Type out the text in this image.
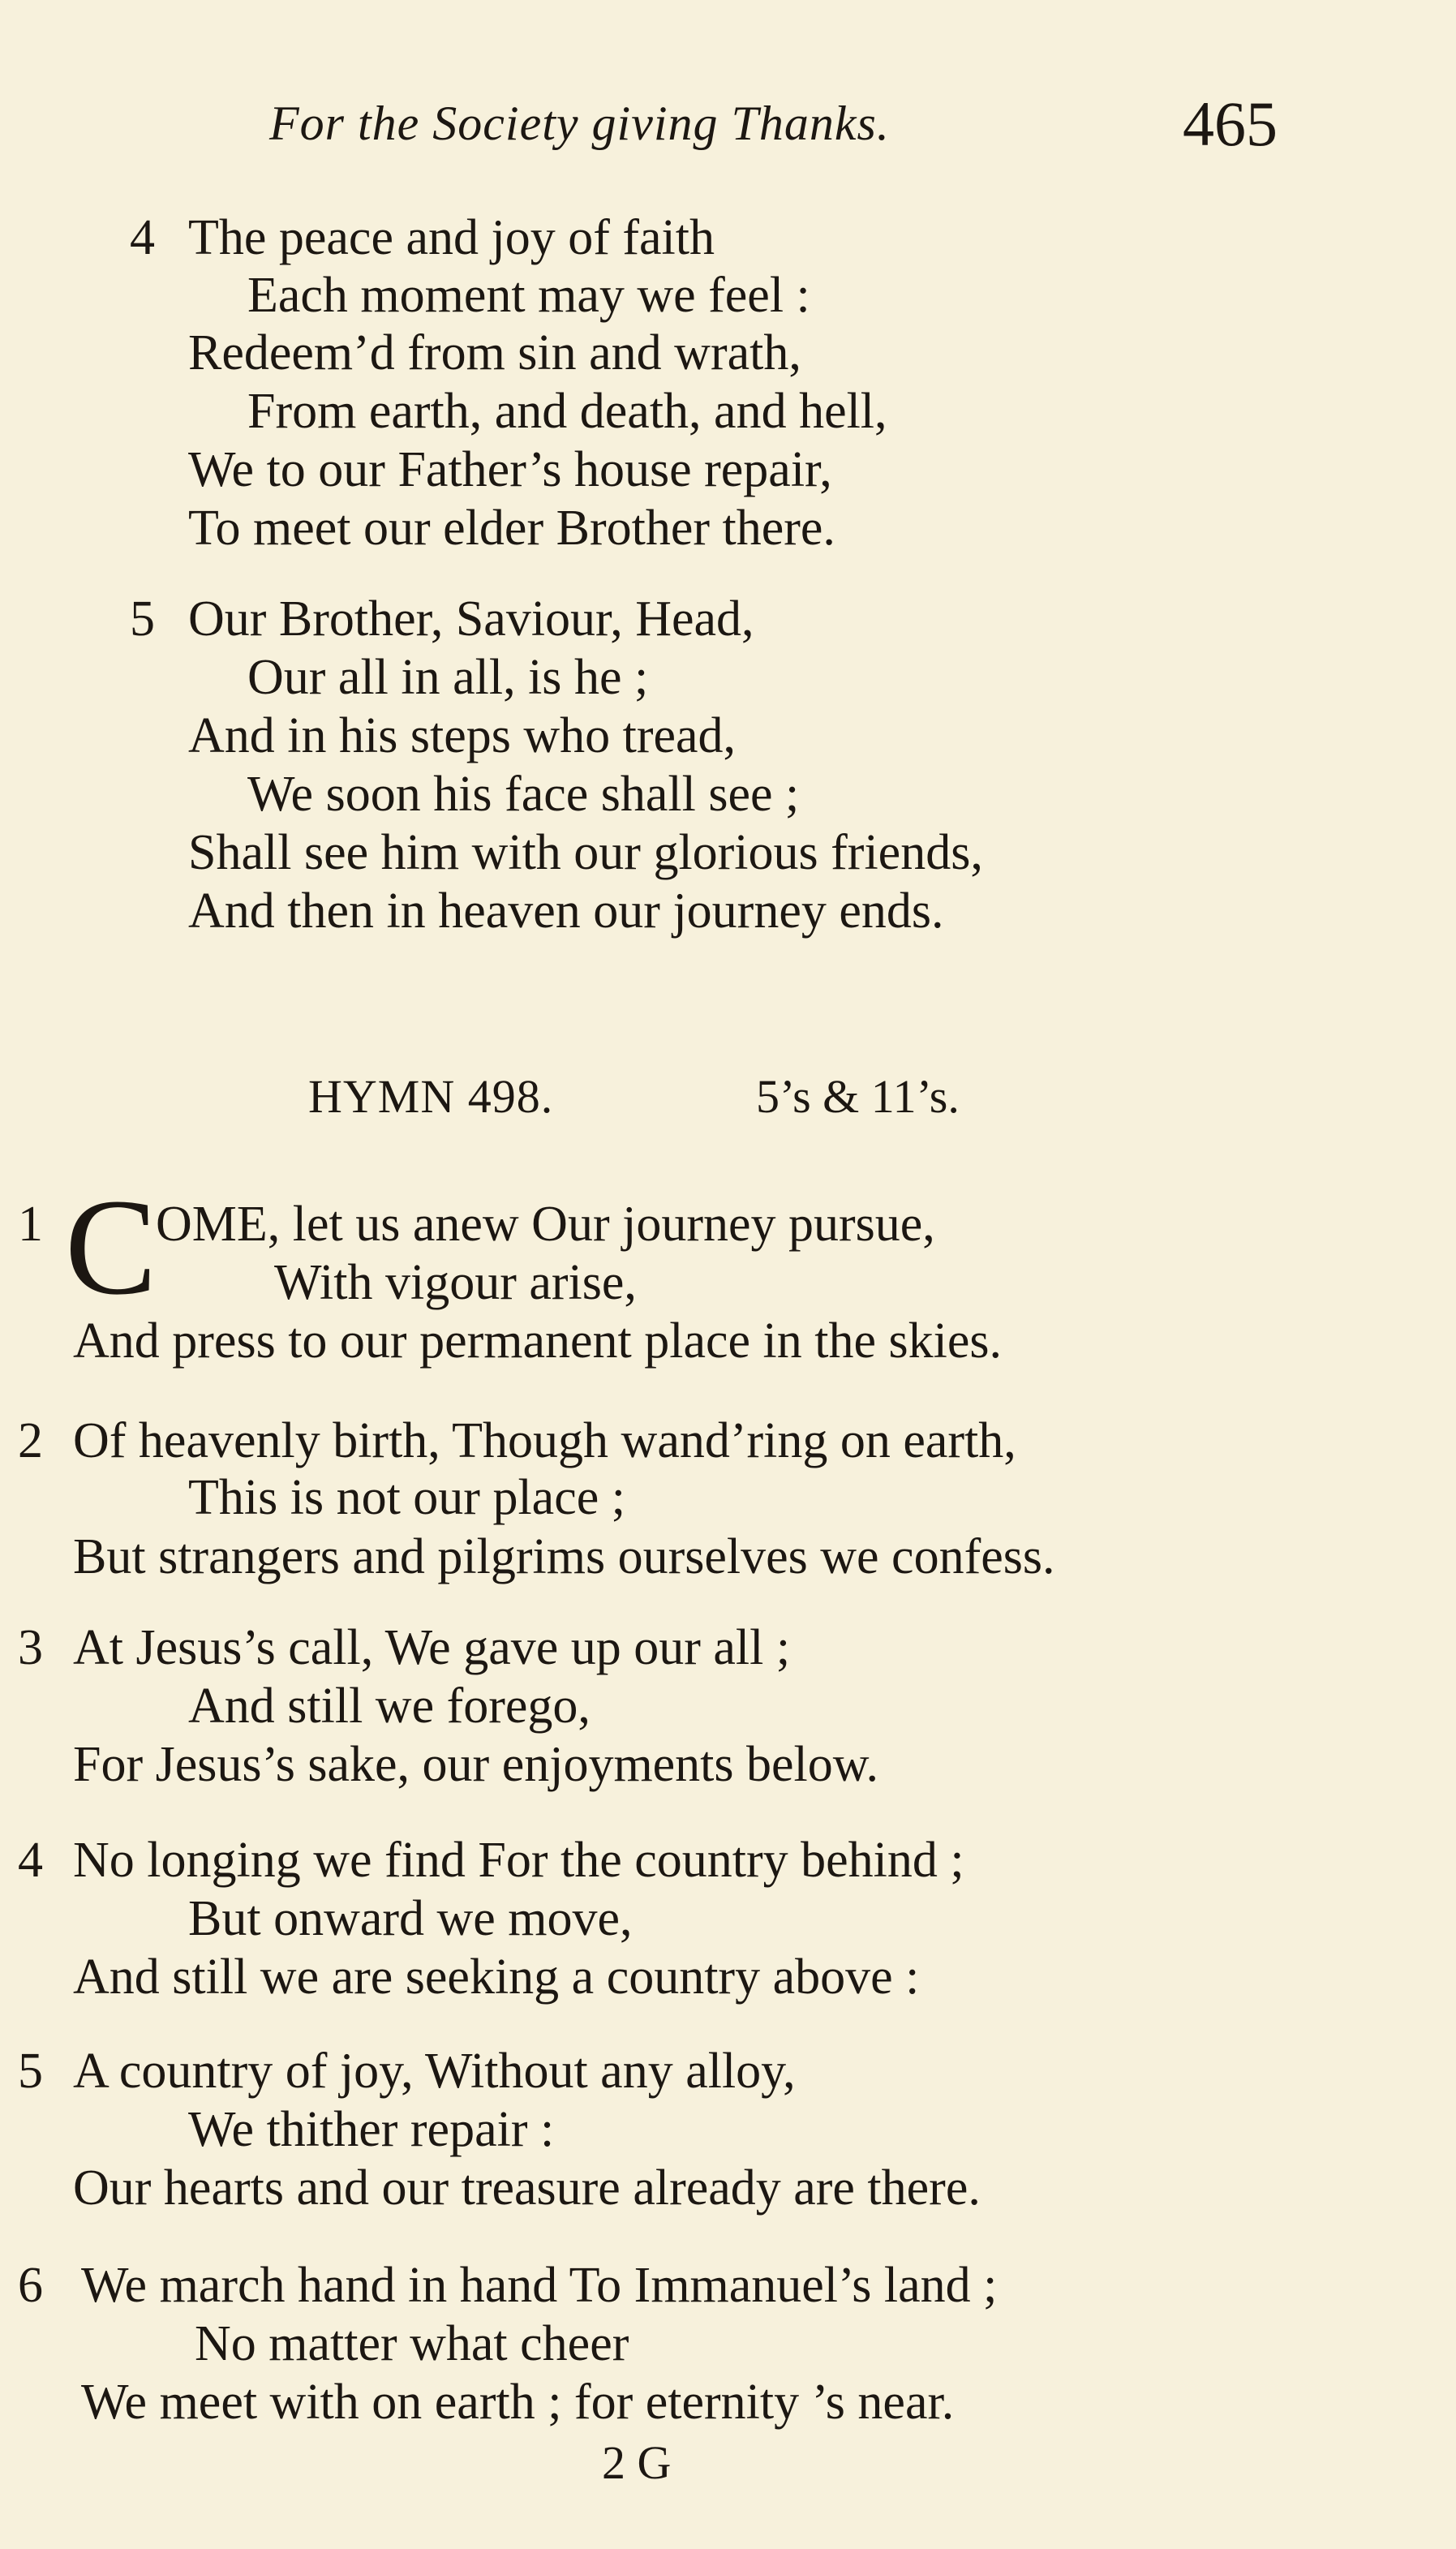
For the Society giving Thanks.	465
4 The peace and joy of faith
Each moment may we feel :
Redeem’d from sin and wrath,
From earth, and death, and hell,
We to our Father’s house repair,
To meet our elder Brother there.
5 Our Brother, Saviour, Head,
Our all in all, is he ;
And in his steps who tread,
We soon his face shall see ;
Shall see him with our glorious friends,
And then in heaven our journey ends.
HYMN 498.	5’s & 11’s.
1 C
OME, let us anew Our journey pursue,
With vigour arise,
And press to our permanent place in the skies.
2 Of heavenly birth, Though wand’ring on earth,
This is not our place ;
But strangers and pilgrims ourselves we confess.
3 At Jesus’s call, We gave up our all ;
And still we forego,
For Jesus’s sake, our enjoyments below.
4 No longing we find For the country behind ;
But onward we move,
And still we are seeking a country above :
5 A country of joy, Without any alloy,
We thither repair :
Our hearts and our treasure already are there.
6 We march hand in hand To Immanuel’s land ;
No matter what cheer
We meet with on earth ; for eternity ’s near.
2 G
